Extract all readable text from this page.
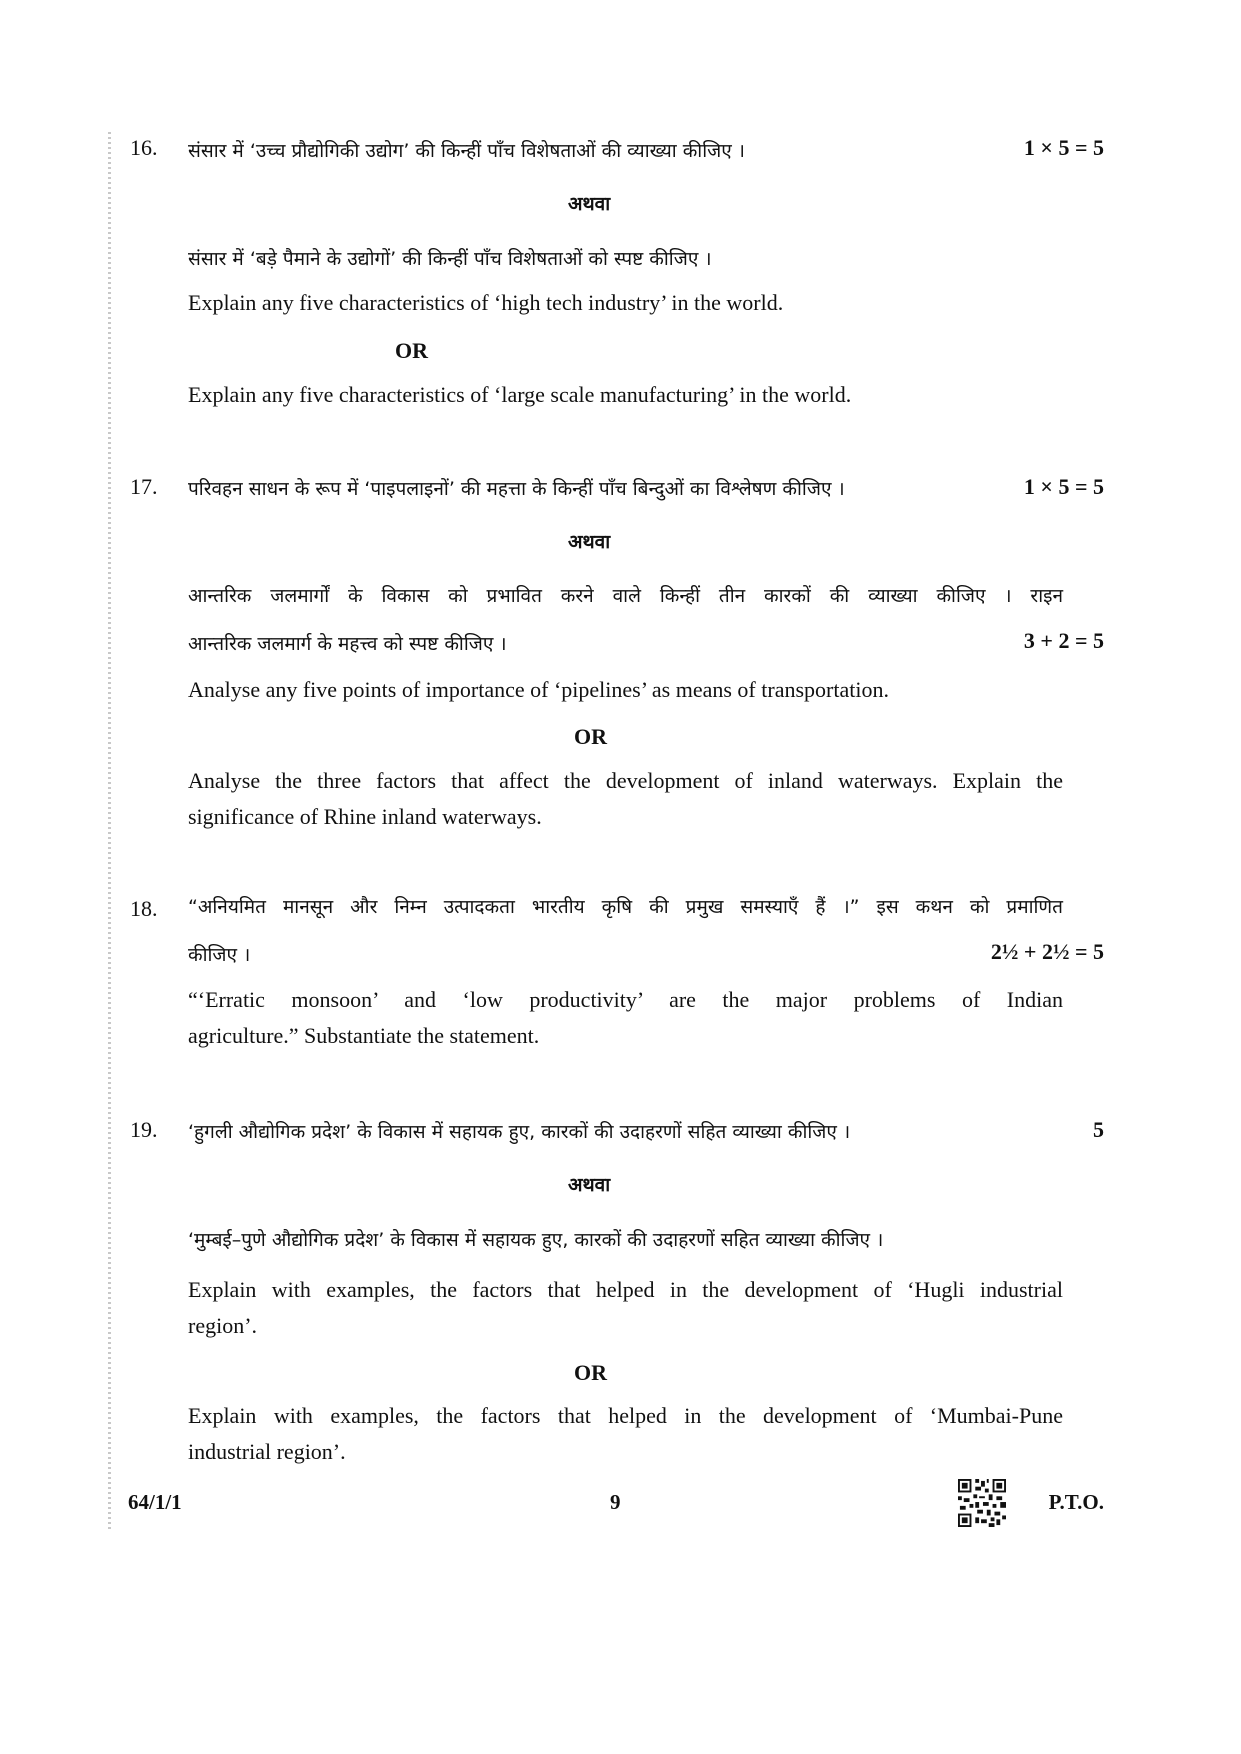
16. संसार में ‘उच्च प्रौद्योगिकी उद्योग’ की किन्हीं पाँच विशेषताओं की व्याख्या कीजिए ।	1 × 5 = 5
अथवा
संसार में ‘बड़े पैमाने के उद्योगों’ की किन्हीं पाँच विशेषताओं को स्पष्ट कीजिए ।
Explain any five characteristics of ‘high tech industry’ in the world.
OR
Explain any five characteristics of ‘large scale manufacturing’ in the world.
17. परिवहन साधन के रूप में ‘पाइपलाइनों’ की महत्ता के किन्हीं पाँच बिन्दुओं का विश्लेषण कीजिए ।	1 × 5 = 5
अथवा
आन्तरिक जलमार्गों के विकास को प्रभावित करने वाले किन्हीं तीन कारकों की व्याख्या कीजिए । राइन
आन्तरिक जलमार्ग के महत्त्व को स्पष्ट कीजिए ।	3 + 2 = 5
Analyse any five points of importance of ‘pipelines’ as means of transportation.
OR
Analyse the three factors that affect the development of inland waterways. Explain the
significance of Rhine inland waterways.
18. “अनियमित मानसून और निम्न उत्पादकता भारतीय कृषि की प्रमुख समस्याएँ हैं ।” इस कथन को प्रमाणित
कीजिए ।	2½ + 2½ = 5
“‘Erratic monsoon’ and ‘low productivity’ are the major problems of Indian
agriculture.” Substantiate the statement.
19. ‘हुगली औद्योगिक प्रदेश’ के विकास में सहायक हुए, कारकों की उदाहरणों सहित व्याख्या कीजिए ।	5
अथवा
‘मुम्बई–पुणे औद्योगिक प्रदेश’ के विकास में सहायक हुए, कारकों की उदाहरणों सहित व्याख्या कीजिए ।
Explain with examples, the factors that helped in the development of ‘Hugli industrial
region’.
OR
Explain with examples, the factors that helped in the development of ‘Mumbai-Pune
industrial region’.
64/1/1	9	P.T.O.
